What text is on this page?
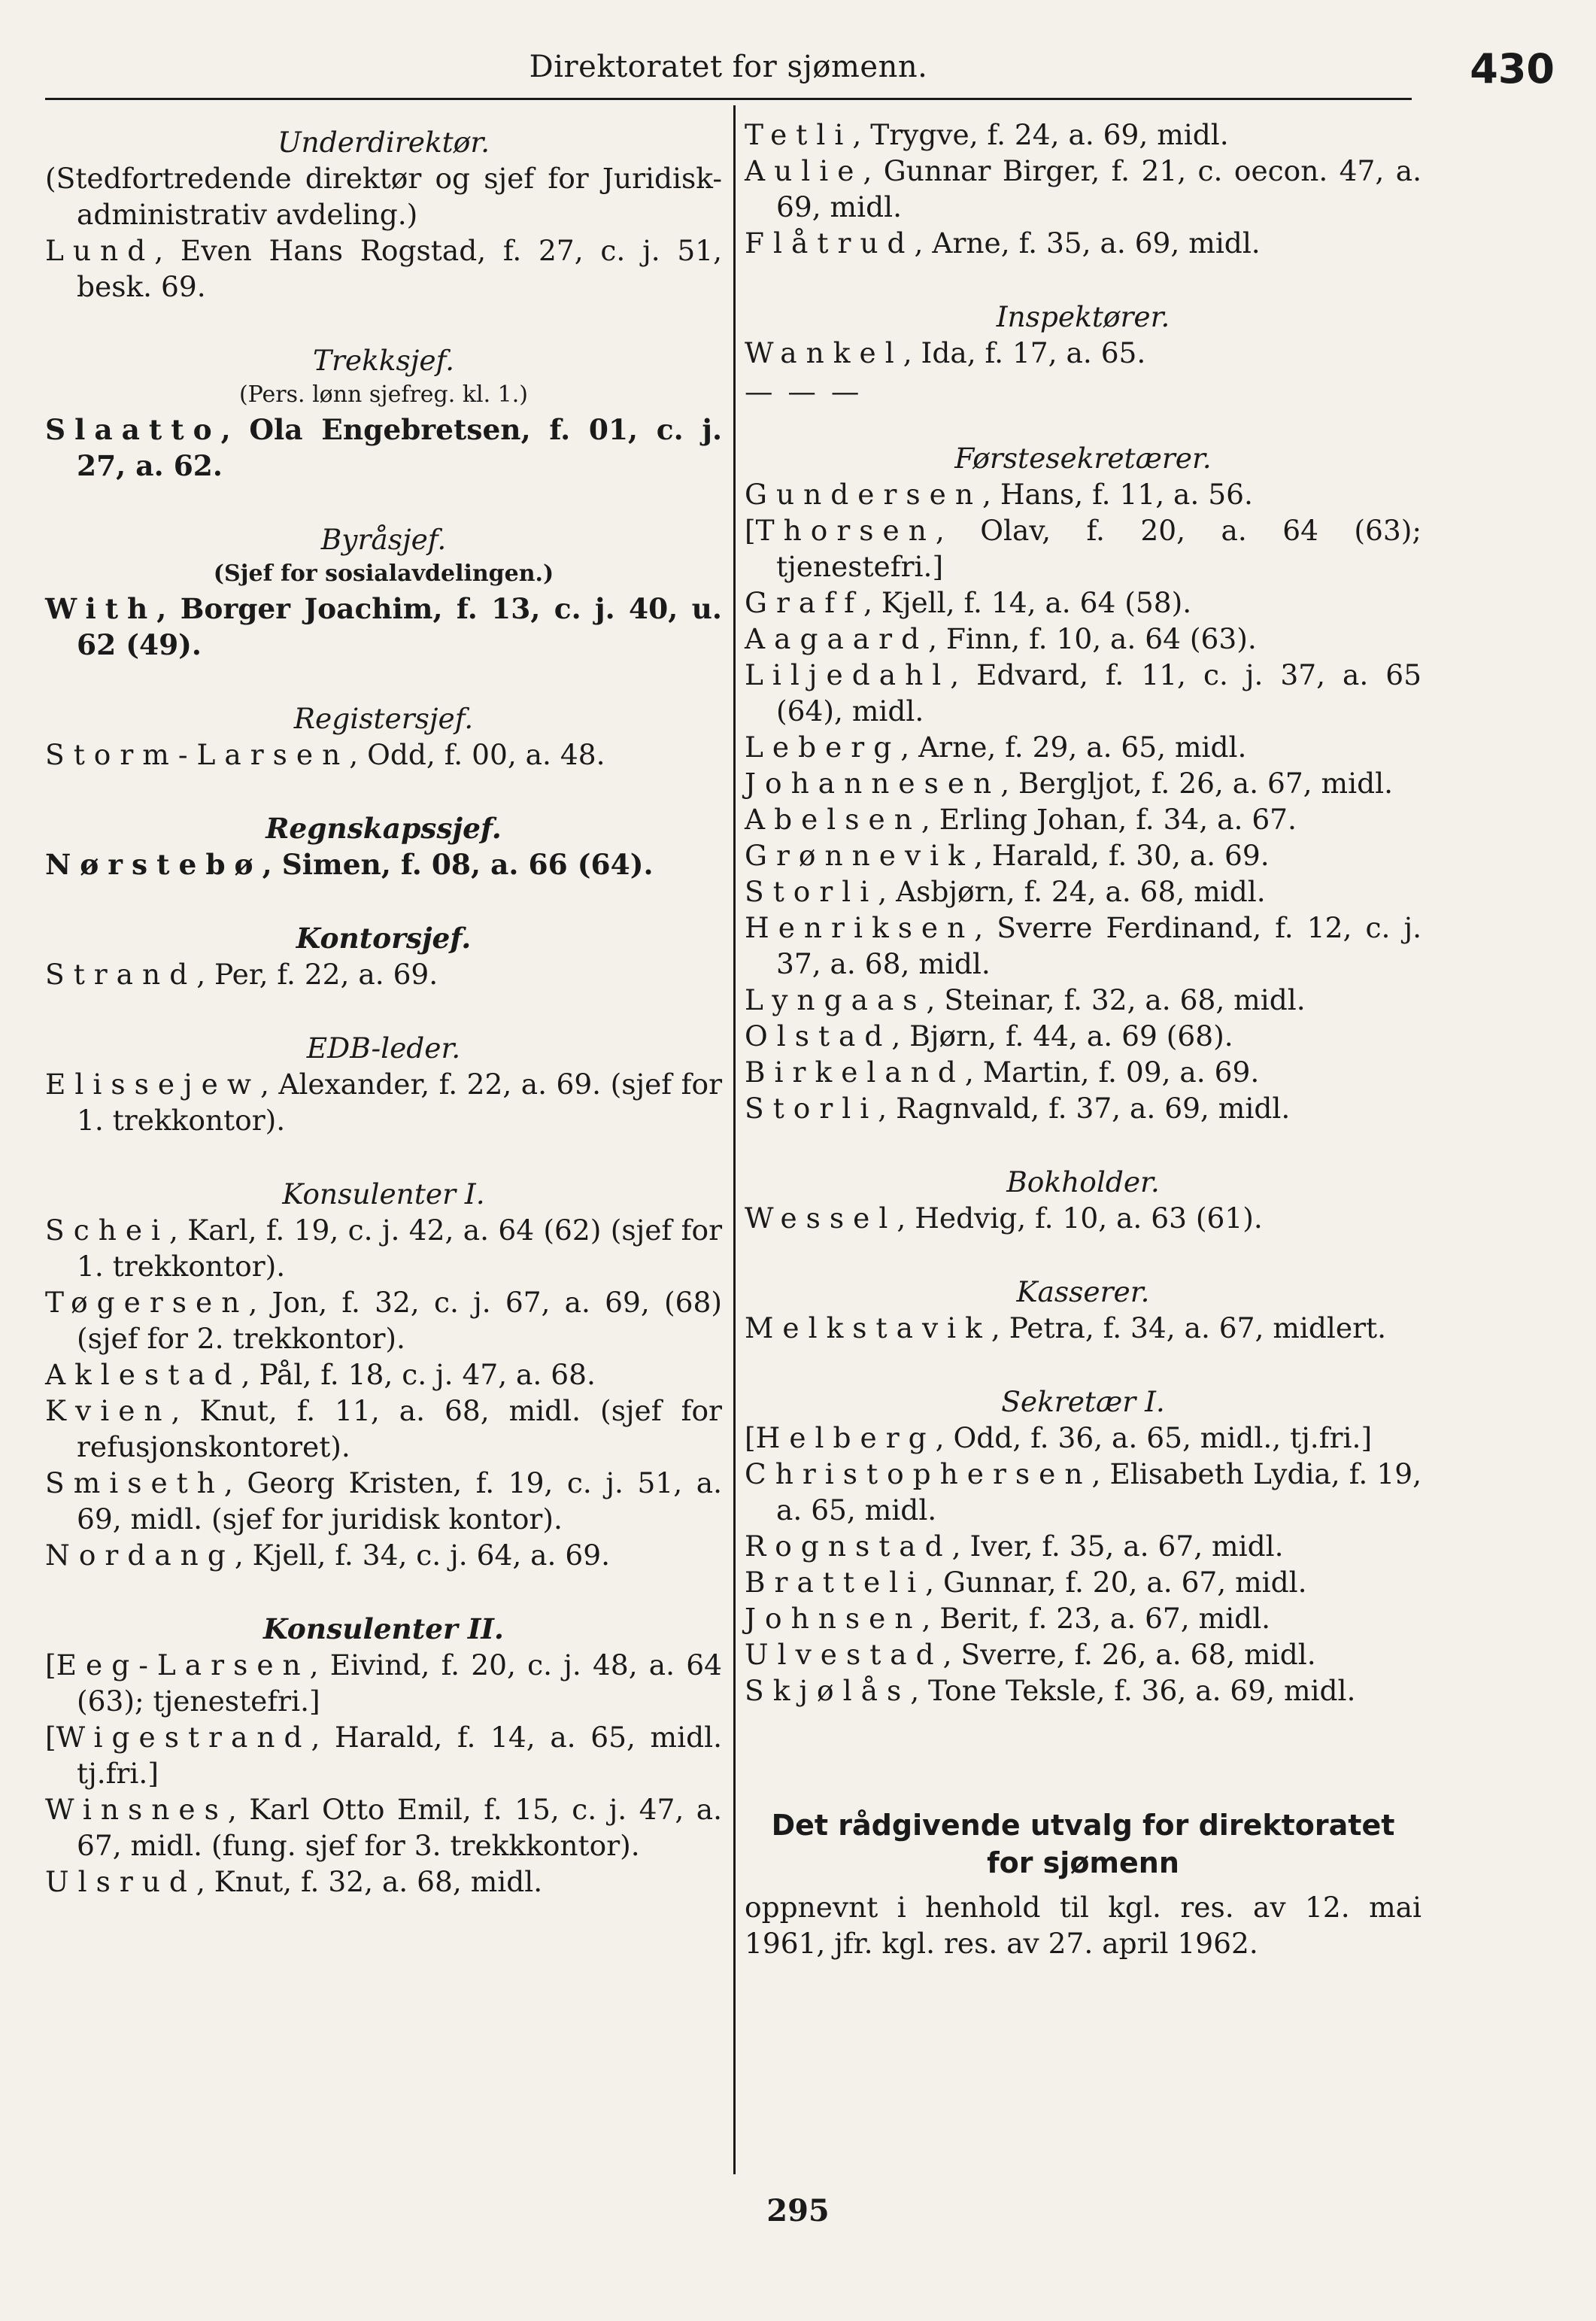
Direktoratet for sjømenn.	430

Underdirektør.

(Stedfortredende direktør og sjef for Juridisk-administrativ avdeling.)

Lund, Even Hans Rogstad, f. 27, c. j. 51, besk. 69.

Trekksjef.

(Pers. lønn sjefreg. kl. 1.)

Slaatto, Ola Engebretsen, f. 01, c. j. 27, a. 62.

Byråsjef.

(Sjef for sosialavdelingen.)

With, Borger Joachim, f. 13, c. j. 40, u. 62 (49).

Registersjef.

Storm-Larsen, Odd, f. 00, a. 48.

Regnskapssjef.

Nørstebø, Simen, f. 08, a. 66 (64).

Kontorsjef.

Strand, Per, f. 22, a. 69.

EDB-leder.

Elissejew, Alexander, f. 22, a. 69. (sjef for 1. trekkontor).

Konsulenter I.

Schei, Karl, f. 19, c. j. 42, a. 64 (62) (sjef for 1. trekkontor).

Tøgersen, Jon, f. 32, c. j. 67, a. 69, (68) (sjef for 2. trekkontor).

Aklestad, Pål, f. 18, c. j. 47, a. 68.

Kvien, Knut, f. 11, a. 68, midl. (sjef for refusjonskontoret).

Smiseth, Georg Kristen, f. 19, c. j. 51, a. 69, midl. (sjef for juridisk kontor).

Nordang, Kjell, f. 34, c. j. 64, a. 69.

Konsulenter II.

[Eeg-Larsen, Eivind, f. 20, c. j. 48, a. 64 (63); tjenestefri.]

[Wigestrand, Harald, f. 14, a. 65, midl. tj.fri.]

Winsnes, Karl Otto Emil, f. 15, c. j. 47, a. 67, midl. (fung. sjef for 3. trekkkontor).

Ulsrud, Knut, f. 32, a. 68, midl.

Tetli, Trygve, f. 24, a. 69, midl.

Aulie, Gunnar Birger, f. 21, c. oecon. 47, a. 69, midl.

Flåtrud, Arne, f. 35, a. 69, midl.

Inspektører.

Wankel, Ida, f. 17, a. 65.

— — —

Førstesekretærer.

Gundersen, Hans, f. 11, a. 56.

[Thorsen, Olav, f. 20, a. 64 (63); tjenestefri.]

Graff, Kjell, f. 14, a. 64 (58).

Aagaard, Finn, f. 10, a. 64 (63).

Liljedahl, Edvard, f. 11, c. j. 37, a. 65 (64), midl.

Leberg, Arne, f. 29, a. 65, midl.

Johannesen, Bergljot, f. 26, a. 67, midl.

Abelsen, Erling Johan, f. 34, a. 67.

Grønnevik, Harald, f. 30, a. 69.

Storli, Asbjørn, f. 24, a. 68, midl.

Henriksen, Sverre Ferdinand, f. 12, c. j. 37, a. 68, midl.

Lyngaas, Steinar, f. 32, a. 68, midl.

Olstad, Bjørn, f. 44, a. 69 (68).

Birkeland, Martin, f. 09, a. 69.

Storli, Ragnvald, f. 37, a. 69, midl.

Bokholder.

Wessel, Hedvig, f. 10, a. 63 (61).

Kasserer.

Melkstavik, Petra, f. 34, a. 67, midlert.

Sekretær I.

[Helberg, Odd, f. 36, a. 65, midl., tj.fri.]

Christophersen, Elisabeth Lydia, f. 19, a. 65, midl.

Rognstad, Iver, f. 35, a. 67, midl.

Bratteli, Gunnar, f. 20, a. 67, midl.

Johnsen, Berit, f. 23, a. 67, midl.

Ulvestad, Sverre, f. 26, a. 68, midl.

Skjølås, Tone Teksle, f. 36, a. 69, midl.

Det rådgivende utvalg for direktoratet for sjømenn

oppnevnt i henhold til kgl. res. av 12. mai 1961, jfr. kgl. res. av 27. april 1962.

295
